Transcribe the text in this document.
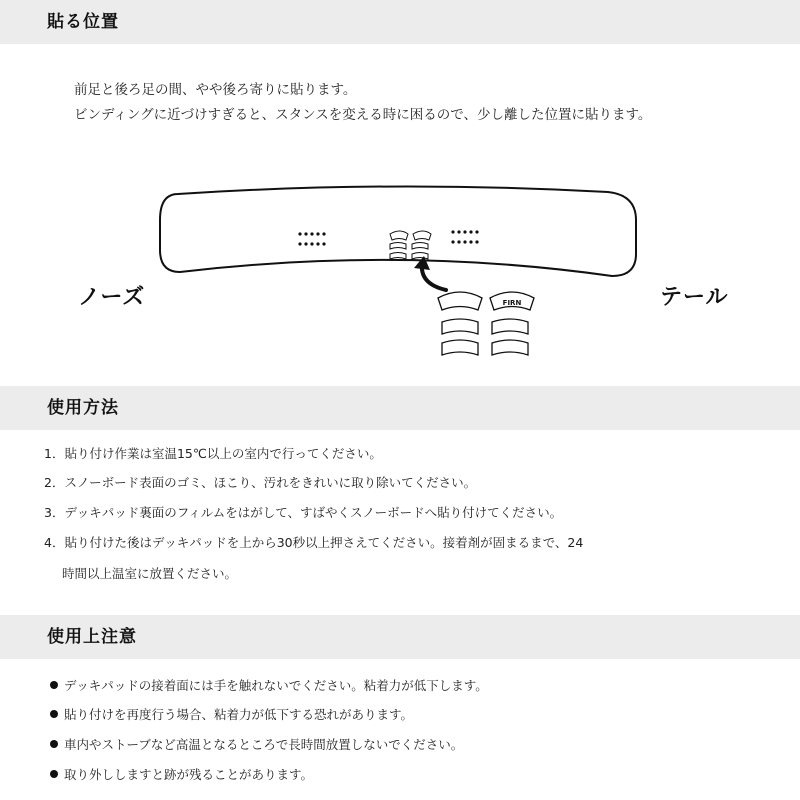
貼る位置
前足と後ろ足の間、やや後ろ寄りに貼ります。
ビンディングに近づけすぎると、スタンスを変える時に困るので、少し離した位置に貼ります。
FIRN
ノーズ	テール
使用方法
1．貼り付け作業は室温15℃以上の室内で行ってください。
2．スノーボード表面のゴミ、ほこり、汚れをきれいに取り除いてください。
3．デッキパッド裏面のフィルムをはがして、すばやくスノーボードへ貼り付けてください。
4．貼り付けた後はデッキパッドを上から30秒以上押さえてください。接着剤が固まるまで、24
時間以上温室に放置ください。
使用上注意
デッキパッドの接着面には手を触れないでください。粘着力が低下します。
貼り付けを再度行う場合、粘着力が低下する恐れがあります。
車内やストーブなど高温となるところで長時間放置しないでください。
取り外ししますと跡が残ることがあります。
